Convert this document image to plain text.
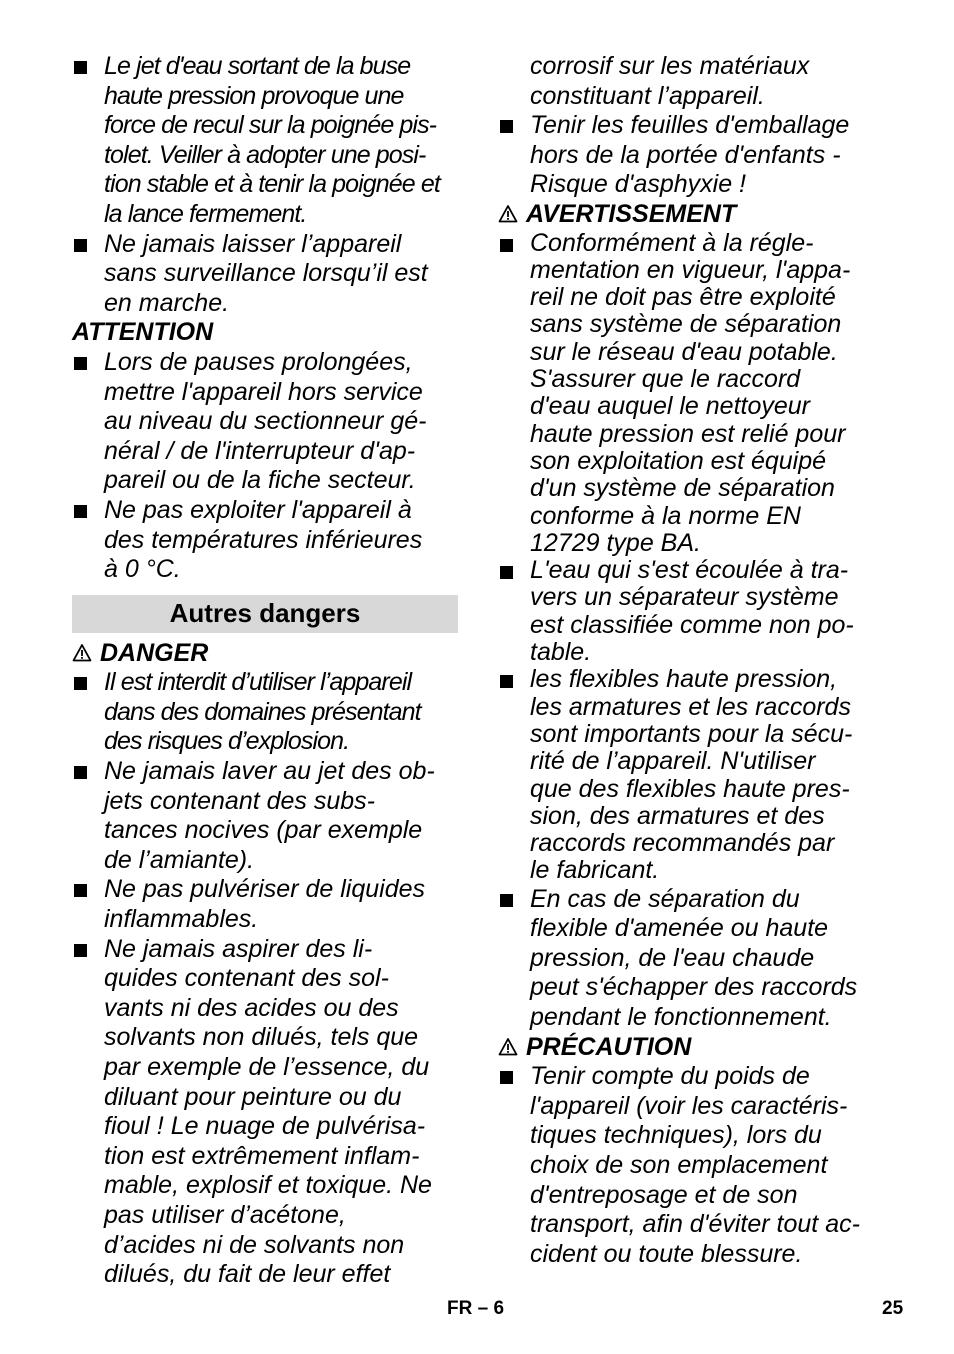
Le jet d'eau sortant de la buse
haute pression provoque une
force de recul sur la poignée pis-
tolet. Veiller à adopter une posi-
tion stable et à tenir la poignée et
la lance fermement.
Ne jamais laisser l’appareil
sans surveillance lorsqu’il est
en marche.
ATTENTION
Lors de pauses prolongées,
mettre l'appareil hors service
au niveau du sectionneur gé-
néral / de l'interrupteur d'ap-
pareil ou de la fiche secteur.
Ne pas exploiter l'appareil à
des températures inférieures
à 0 °C.
Autres dangers
DANGER
Il est interdit d’utiliser l’appareil
dans des domaines présentant
des risques d’explosion.
Ne jamais laver au jet des ob-
jets contenant des subs-
tances nocives (par exemple
de l’amiante).
Ne pas pulvériser de liquides
inflammables.
Ne jamais aspirer des li-
quides contenant des sol-
vants ni des acides ou des
solvants non dilués, tels que
par exemple de l’essence, du
diluant pour peinture ou du
fioul ! Le nuage de pulvérisa-
tion est extrêmement inflam-
mable, explosif et toxique. Ne
pas utiliser d’acétone,
d’acides ni de solvants non
dilués, du fait de leur effet
corrosif sur les matériaux
constituant l’appareil.
Tenir les feuilles d'emballage
hors de la portée d'enfants -
Risque d'asphyxie !
AVERTISSEMENT
Conformément à la régle-
mentation en vigueur, l'appa-
reil ne doit pas être exploité
sans système de séparation
sur le réseau d'eau potable.
S'assurer que le raccord
d'eau auquel le nettoyeur
haute pression est relié pour
son exploitation est équipé
d'un système de séparation
conforme à la norme EN
12729 type BA.
L'eau qui s'est écoulée à tra-
vers un séparateur système
est classifiée comme non po-
table.
les flexibles haute pression,
les armatures et les raccords
sont importants pour la sécu-
rité de l’appareil. N'utiliser
que des flexibles haute pres-
sion, des armatures et des
raccords recommandés par
le fabricant.
En cas de séparation du
flexible d'amenée ou haute
pression, de l'eau chaude
peut s'échapper des raccords
pendant le fonctionnement.
PRÉCAUTION
Tenir compte du poids de
l'appareil (voir les caractéris-
tiques techniques), lors du
choix de son emplacement
d'entreposage et de son
transport, afin d'éviter tout ac-
cident ou toute blessure.
FR – 6	25
